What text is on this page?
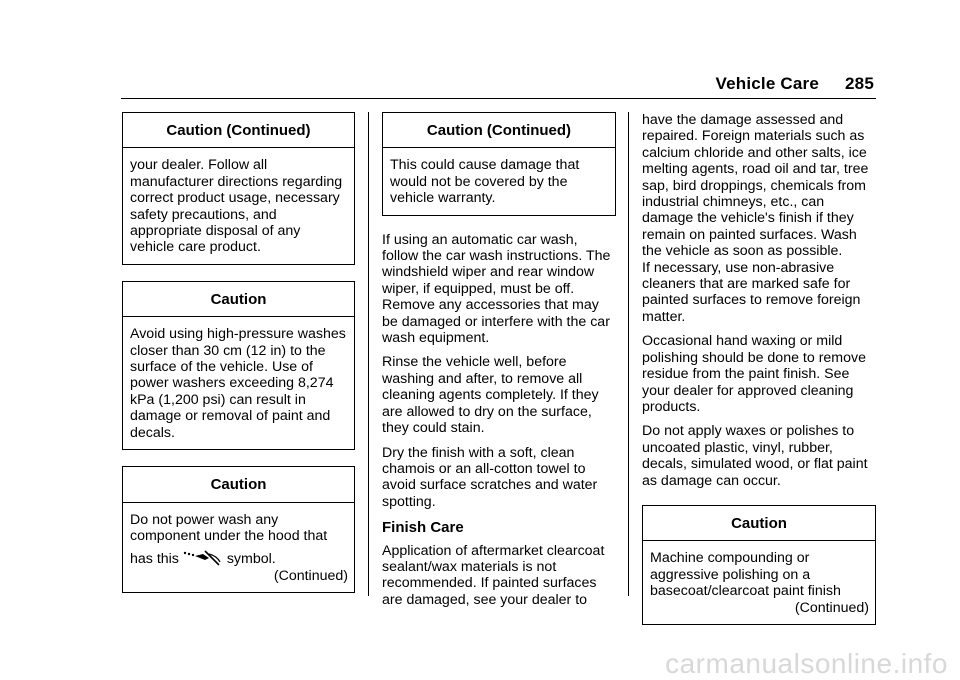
Vehicle Care 285
Caution (Continued)

your dealer. Follow all manufacturer directions regarding correct product usage, necessary safety precautions, and appropriate disposal of any vehicle care product.

Caution

Avoid using high-pressure washes closer than 30 cm (12 in) to the surface of the vehicle. Use of power washers exceeding 8,274 kPa (1,200 psi) can result in damage or removal of paint and decals.

Caution

Do not power wash any component under the hood that

has this	symbol.

(Continued)

Caution (Continued)

This could cause damage that would not be covered by the vehicle warranty.

If using an automatic car wash, follow the car wash instructions. The windshield wiper and rear window wiper, if equipped, must be off. Remove any accessories that may be damaged or interfere with the car wash equipment.

Rinse the vehicle well, before washing and after, to remove all cleaning agents completely. If they are allowed to dry on the surface, they could stain.

Dry the finish with a soft, clean chamois or an all-cotton towel to avoid surface scratches and water spotting.

Finish Care

Application of aftermarket clearcoat sealant/wax materials is not recommended. If painted surfaces are damaged, see your dealer to

have the damage assessed and repaired. Foreign materials such as calcium chloride and other salts, ice melting agents, road oil and tar, tree sap, bird droppings, chemicals from industrial chimneys, etc., can damage the vehicle's finish if they remain on painted surfaces. Wash the vehicle as soon as possible.

If necessary, use non-abrasive cleaners that are marked safe for painted surfaces to remove foreign matter.

Occasional hand waxing or mild polishing should be done to remove residue from the paint finish. See your dealer for approved cleaning products.

Do not apply waxes or polishes to uncoated plastic, vinyl, rubber, decals, simulated wood, or flat paint as damage can occur.

Caution

Machine compounding or aggressive polishing on a basecoat/clearcoat paint finish

(Continued)

carmanualsonline.info
